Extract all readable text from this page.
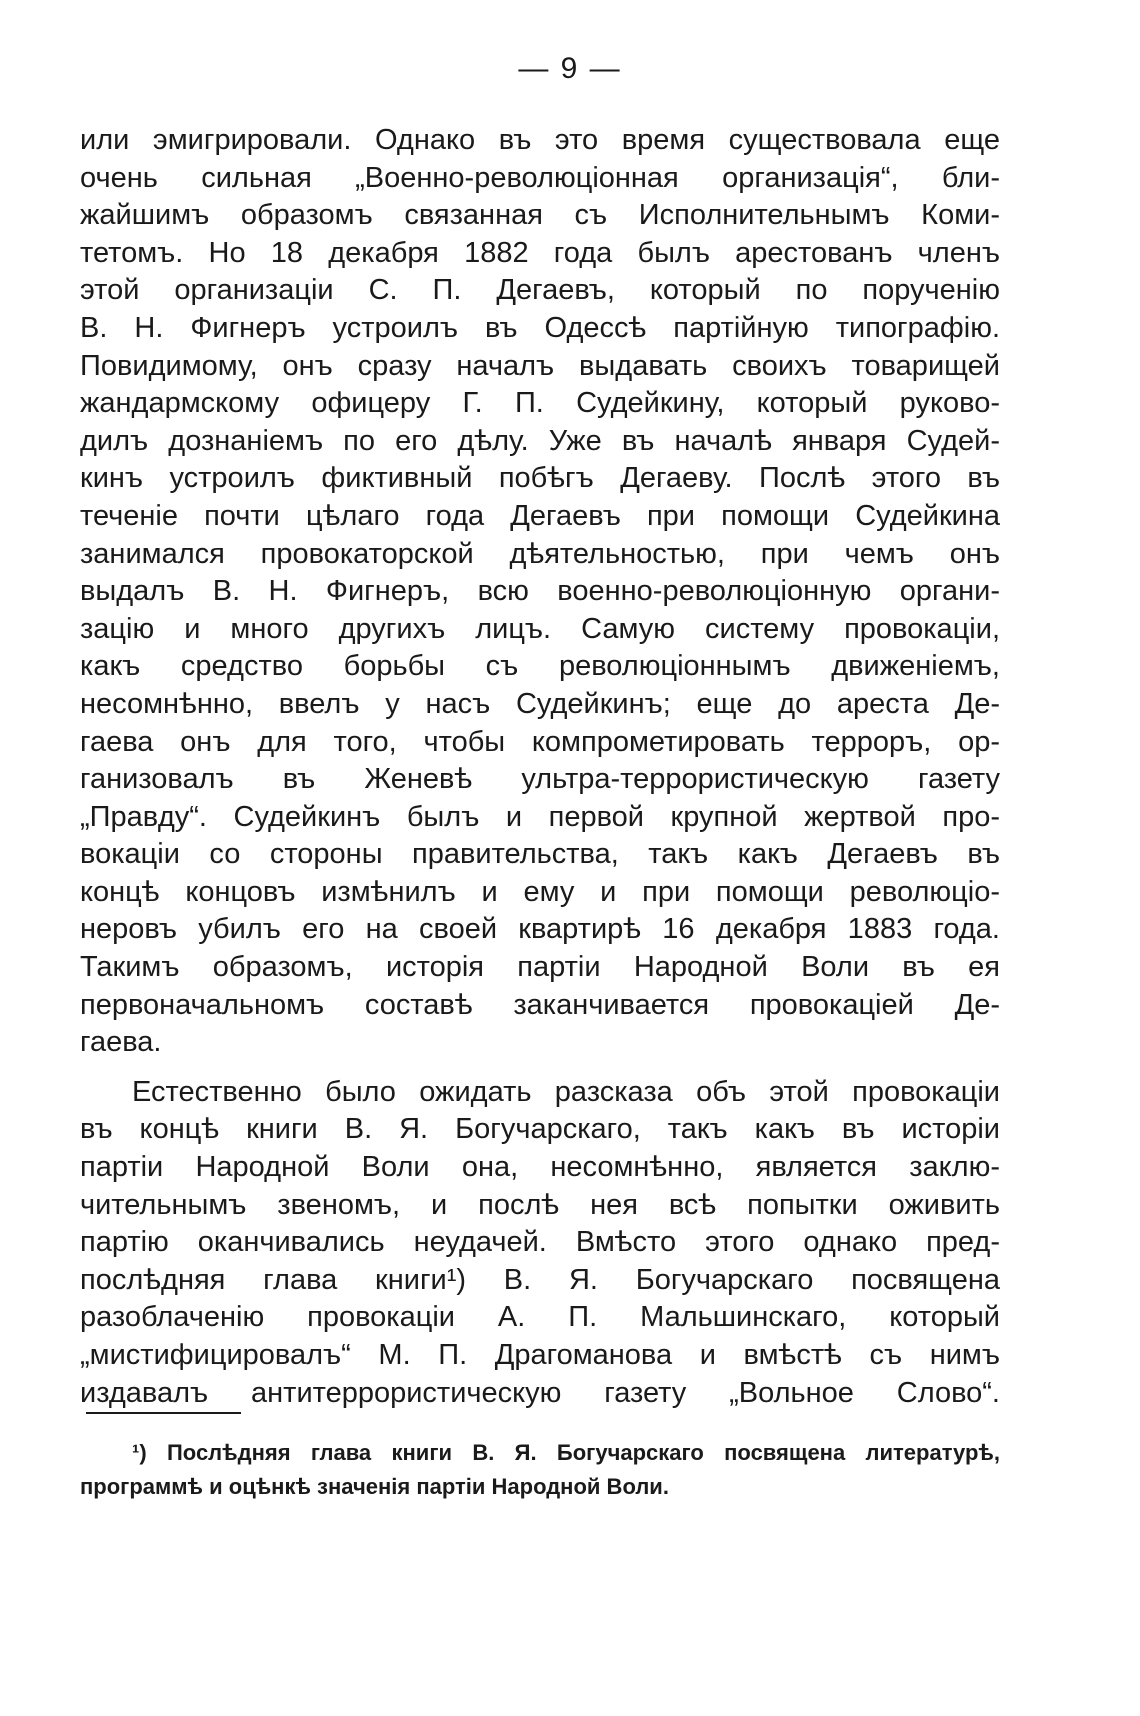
— 9 —
или эмигрировали. Однако въ это время существовала еще
очень сильная „Военно-революціонная организація“, бли-
жайшимъ образомъ связанная съ Исполнительнымъ Коми-
тетомъ. Но 18 декабря 1882 года былъ арестованъ членъ
этой организаціи С. П. Дегаевъ, который по порученію
В. Н. Фигнеръ устроилъ въ Одессѣ партійную типографію.
Повидимому, онъ сразу началъ выдавать своихъ товарищей
жандармскому офицеру Г. П. Судейкину, который руково-
дилъ дознаніемъ по его дѣлу. Уже въ началѣ января Судей-
кинъ устроилъ фиктивный побѣгъ Дегаеву. Послѣ этого въ
теченіе почти цѣлаго года Дегаевъ при помощи Судейкина
занимался провокаторской дѣятельностью, при чемъ онъ
выдалъ В. Н. Фигнеръ, всю военно-революціонную органи-
зацію и много другихъ лицъ. Самую систему провокаціи,
какъ средство борьбы съ революціоннымъ движеніемъ,
несомнѣнно, ввелъ у насъ Судейкинъ; еще до ареста Де-
гаева онъ для того, чтобы компрометировать терроръ, ор-
ганизовалъ въ Женевѣ ультра-террористическую газету
„Правду“. Судейкинъ былъ и первой крупной жертвой про-
вокаціи со стороны правительства, такъ какъ Дегаевъ въ
концѣ концовъ измѣнилъ и ему и при помощи революціо-
неровъ убилъ его на своей квартирѣ 16 декабря 1883 года.
Такимъ образомъ, исторія партіи Народной Воли въ ея
первоначальномъ составѣ заканчивается провокаціей Де-
гаева.
Естественно было ожидать разсказа объ этой провокаціи
въ концѣ книги В. Я. Богучарскаго, такъ какъ въ исторіи
партіи Народной Воли она, несомнѣнно, является заклю-
чительнымъ звеномъ, и послѣ нея всѣ попытки оживить
партію оканчивались неудачей. Вмѣсто этого однако пред-
послѣдняя глава книги¹) В. Я. Богучарскаго посвящена
разоблаченію провокаціи А. П. Мальшинскаго, который
„мистифицировалъ“ М. П. Драгоманова и вмѣстѣ съ нимъ
издавалъ антитеррористическую газету „Вольное Слово“.
¹) Послѣдняя глава книги В. Я. Богучарскаго посвящена литературѣ,
программѣ и оцѣнкѣ значенія партіи Народной Воли.
